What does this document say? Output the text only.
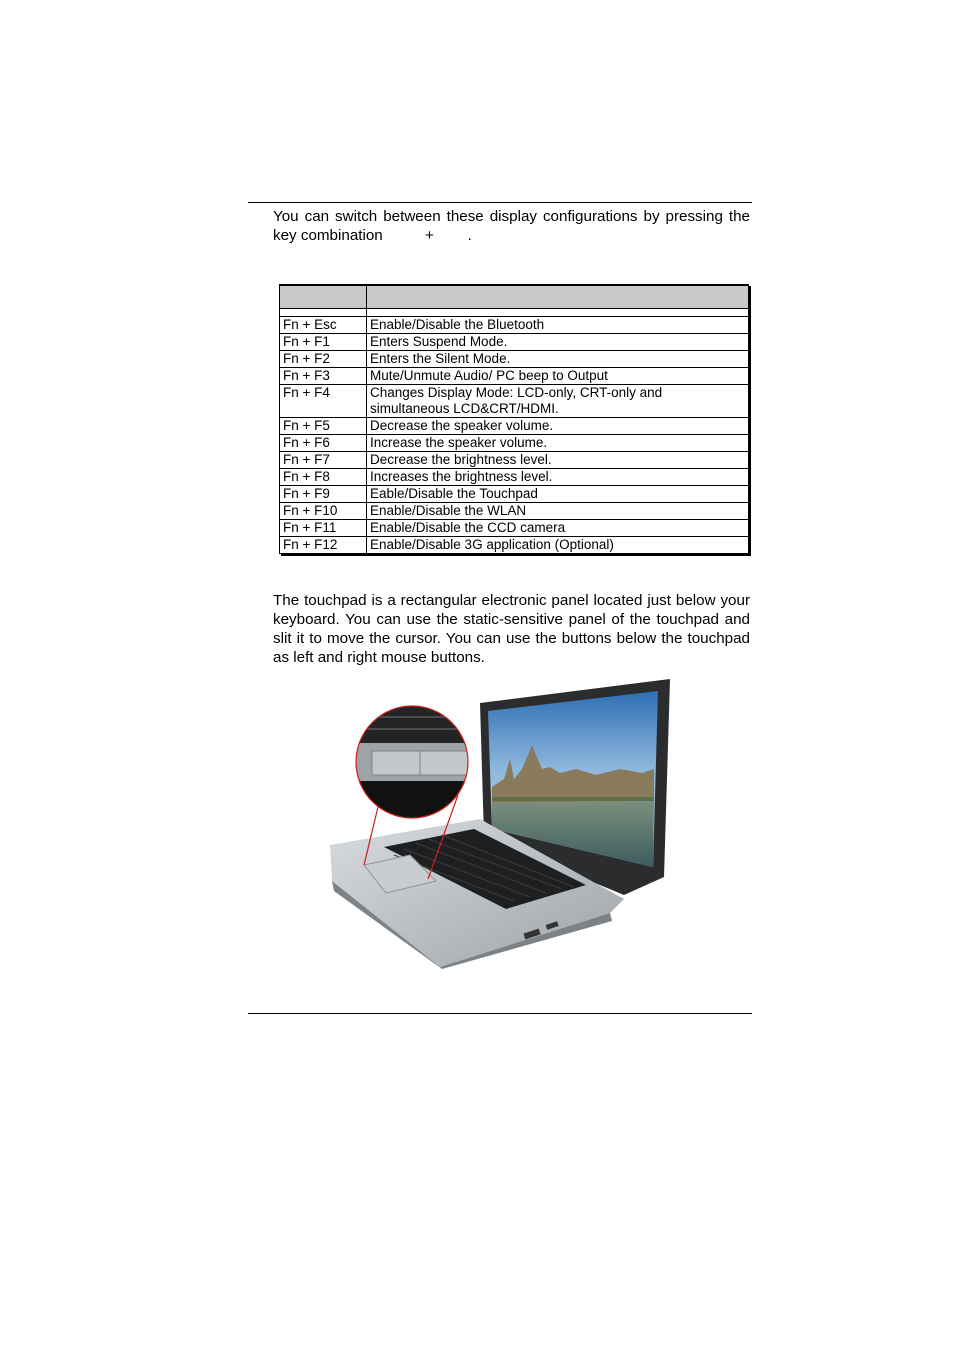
You can switch between these display configurations by pressing the key combination	+ .

Fn + Esc	Enable/Disable the Bluetooth
Fn + F1	Enters Suspend Mode.
Fn + F2	Enters the Silent Mode.
Fn + F3	Mute/Unmute Audio/ PC beep to Output
Fn + F4	Changes Display Mode: LCD-only, CRT-only and simultaneous LCD&CRT/HDMI.
Fn + F5	Decrease the speaker volume.
Fn + F6	Increase the speaker volume.
Fn + F7	Decrease the brightness level.
Fn + F8	Increases the brightness level.
Fn + F9	Eable/Disable the Touchpad
Fn + F10	Enable/Disable the WLAN
Fn + F11	Enable/Disable the CCD camera
Fn + F12	Enable/Disable 3G application (Optional)

The touchpad is a rectangular electronic panel located just below your keyboard. You can use the static-sensitive panel of the touchpad and slit it to move the cursor. You can use the buttons below the touchpad as left and right mouse buttons.
